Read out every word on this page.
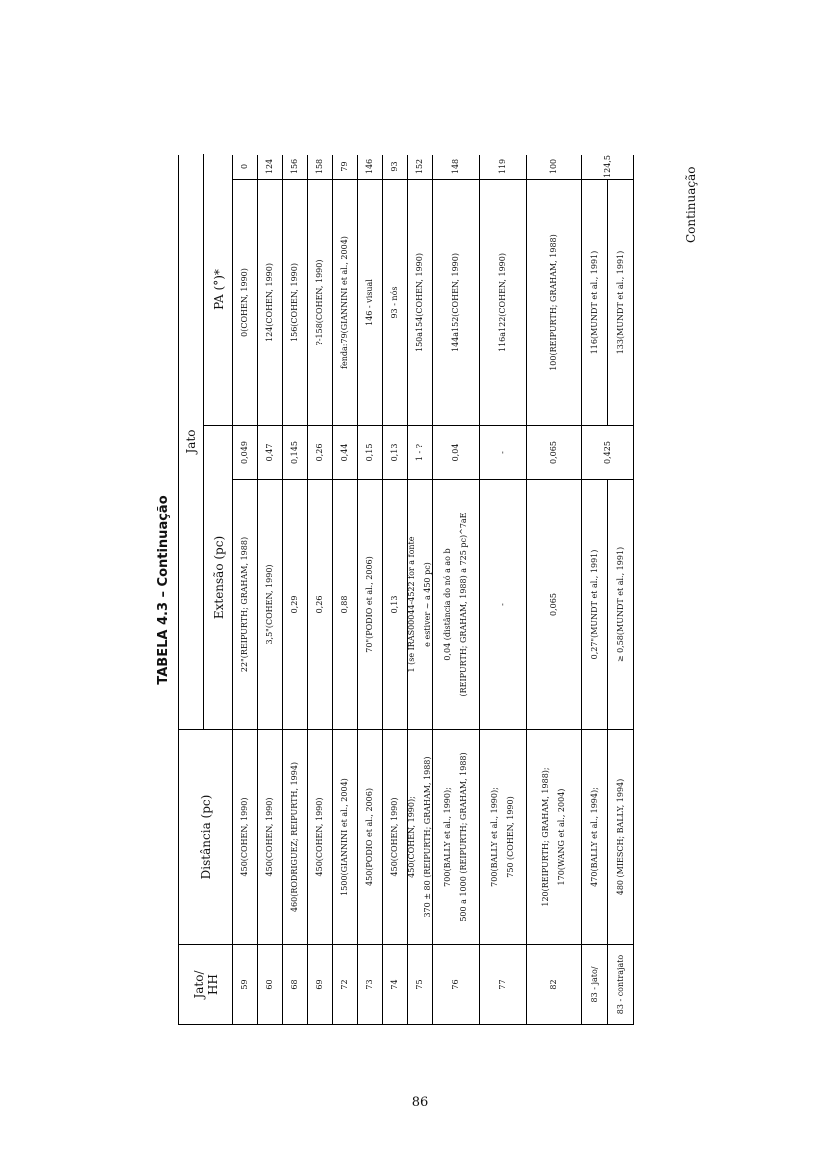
TABELA 4.3 – Continuação
Jato/ HH
Distância (pc)
Jato
Extensão (pc)
PA (°)*
59
450(COHEN, 1990)
22"(REIPURTH; GRAHAM, 1988)
0,049
0(COHEN, 1990)
0
60
450(COHEN, 1990)
3,5"(COHEN, 1990)
0,47
124(COHEN, 1990)
124
68
460(RODRIGUEZ; REIPURTH, 1994)
0,29
0,145
156(COHEN, 1990)
156
69
450(COHEN, 1990)
0,26
0,26
?-158(COHEN, 1990)
158
72
1500(GIANNINI et al., 2004)
0,88
0,44
fenda:79(GIANNINI et al., 2004)
79
73
450(PODIO et al., 2006)
70"(PODIO et al., 2006)
0,15
146 - visual
146
74
450(COHEN, 1990)
0,13
0,13
93 - nós
93
75
450(COHEN, 1990); 370 ± 80 (REIPURTH; GRAHAM, 1988)
1 (se IRAS00044-4522 for a fonte e estiver ~ a 450 pc)
1 - ?
150a154(COHEN, 1990)
152
76
700(BALLY et al., 1990); 500 a 1000 (REIPURTH; GRAHAM, 1988)
0,04 (distância do nó a ao b (REIPURTH; GRAHAM, 1988) a 725 pc)^7aE
0,04
144a152(COHEN, 1990)
148
77
700(BALLY et al., 1990); 750 (COHEN, 1990)
-
-
116a122(COHEN, 1990)
119
82
120(REIPURTH; GRAHAM, 1988); 170(WANG et al., 2004)
0,065
0,065
100(REIPURTH; GRAHAM, 1988)
100
83 - jato/
470(BALLY et al., 1994);
0,27"(MUNDT et al., 1991)
0,425
116(MUNDT et al., 1991)
124,5
83 - contrajato
480 (MIESCH; BALLY, 1994)
≥ 0,58(MUNDT et al., 1991)
133(MUNDT et al., 1991)
Continuação
86
